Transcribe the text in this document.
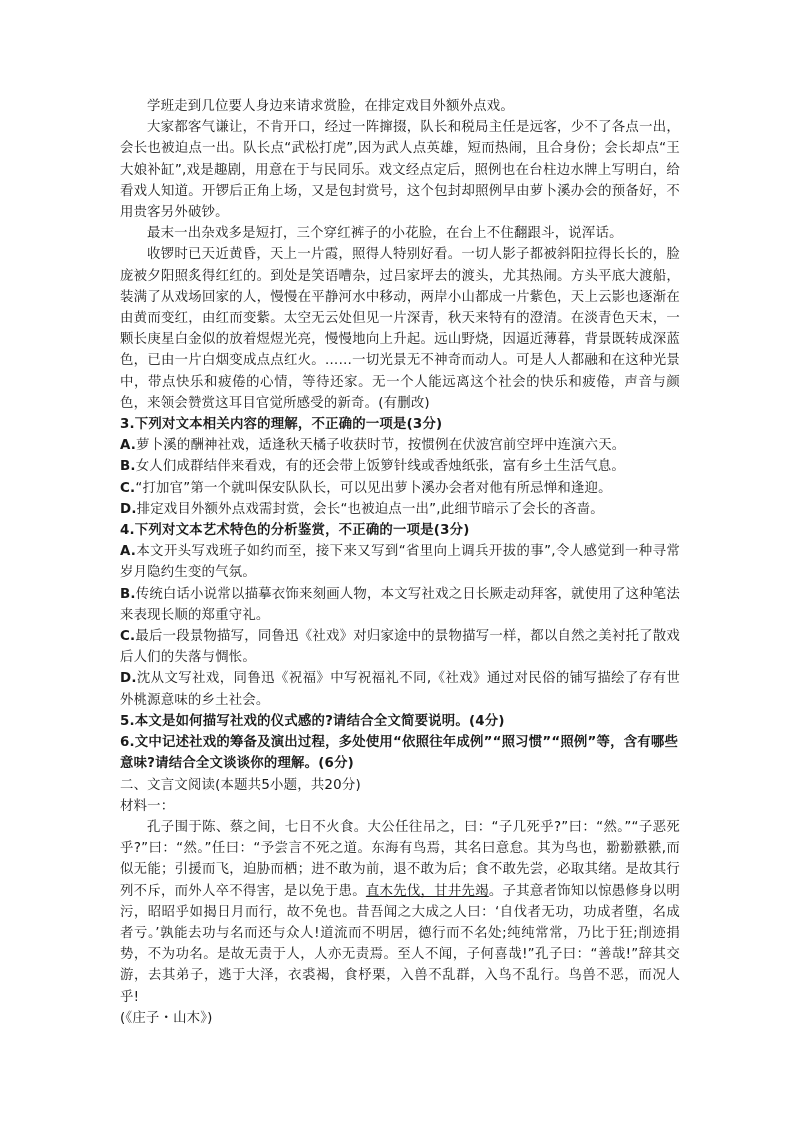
学班走到几位要人身边来请求赏脸，在排定戏目外额外点戏。

大家都客气谦让，不肯开口，经过一阵撺掇，队长和税局主任是远客，少不了各点一出，会长也被迫点一出。队长点“武松打虎”,因为武人点英雄，短而热闹，且合身份；会长却点“王大娘补缸”,戏是趣剧，用意在于与民同乐。戏文经点定后，照例也在台柱边水牌上写明白，给看戏人知道。开锣后正角上场，又是包封赏号，这个包封却照例早由萝卜溪办会的预备好，不用贵客另外破钞。

最末一出杂戏多是短打，三个穿红裤子的小花脸，在台上不住翻跟斗，说浑话。

收锣时已天近黄昏，天上一片霞，照得人特别好看。一切人影子都被斜阳拉得长长的，脸庞被夕阳照炙得红红的。到处是笑语嘈杂，过吕家坪去的渡头，尤其热闹。方头平底大渡船，装满了从戏场回家的人，慢慢在平静河水中移动，两岸小山都成一片紫色，天上云影也逐渐在由黄而变红，由红而变紫。太空无云处但见一片深青，秋天来特有的澄清。在淡青色天末，一颗长庚星白金似的放着煜煜光亮，慢慢地向上升起。远山野烧，因逼近薄暮，背景既转成深蓝色，已由一片白烟变成点点红火。……一切光景无不神奇而动人。可是人人都融和在这种光景中，带点快乐和疲倦的心情，等待还家。无一个人能远离这个社会的快乐和疲倦，声音与颜色，来领会赞赏这耳目官觉所感受的新奇。(有删改)

3.下列对文本相关内容的理解，不正确的一项是(3分)

A.萝卜溪的酬神社戏，适逢秋天橘子收获时节，按惯例在伏波宫前空坪中连演六天。

B.女人们成群结伴来看戏，有的还会带上饭箩针线或香烛纸张，富有乡土生活气息。

C.“打加官”第一个就叫保安队队长，可以见出萝卜溪办会者对他有所忌惮和逢迎。

D.排定戏目外额外点戏需封赏，会长“也被迫点一出”,此细节暗示了会长的吝啬。

4.下列对文本艺术特色的分析鉴赏，不正确的一项是(3分)

A.本文开头写戏班子如约而至，接下来又写到“省里向上调兵开拔的事”,令人感觉到一种寻常岁月隐约生变的气氛。

B.传统白话小说常以描摹衣饰来刻画人物，本文写社戏之日长厥走动拜客，就使用了这种笔法来表现长顺的郑重守礼。

C.最后一段景物描写，同鲁迅《社戏》对归家途中的景物描写一样，都以自然之美衬托了散戏后人们的失落与惆怅。

D.沈从文写社戏，同鲁迅《祝福》中写祝福礼不同,《社戏》通过对民俗的铺写描绘了存有世外桃源意味的乡土社会。

5.本文是如何描写社戏的仪式感的?请结合全文简要说明。(4分)

6.文中记述社戏的筹备及演出过程，多处使用“依照往年成例”“照习惯”“照例”等，含有哪些意味?请结合全文谈谈你的理解。(6分)

二、文言文阅读(本题共5小题，共20分)

材料一：

孔子围于陈、蔡之间，七日不火食。大公任往吊之，曰：“子几死乎?”曰：“然。”“子恶死乎?”曰：“然。”任曰：“予尝言不死之道。东海有鸟焉，其名曰意怠。其为鸟也，翂翂翐翐,而似无能；引援而飞，迫胁而栖；进不敢为前，退不敢为后；食不敢先尝，必取其绪。是故其行列不斥，而外人卒不得害，是以免于患。直木先伐，甘井先竭。子其意者饰知以惊愚修身以明污，昭昭乎如揭日月而行，故不免也。昔吾闻之大成之人曰：‘自伐者无功，功成者堕，名成者亏。’孰能去功与名而还与众人!道流而不明居，德行而不名处;纯纯常常，乃比于狂;削迹捐势，不为功名。是故无责于人，人亦无责焉。至人不闻，子何喜哉!”孔子曰：“善哉!”辞其交游，去其弟子，逃于大泽，衣裘褐，食杼栗，入兽不乱群，入鸟不乱行。鸟兽不恶，而况人乎!

(《庄子・山木》)
